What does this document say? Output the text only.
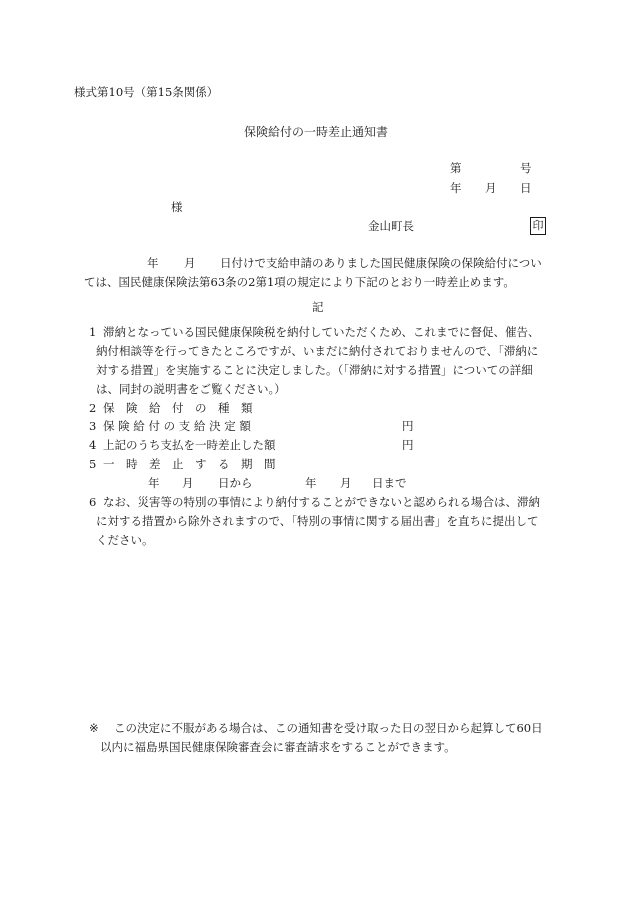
様式第10号（第15条関係）
保険給付の一時差止通知書
第	号
年 月 日
様
金山町長	印
年 月 日付けで支給申請のありました国民健康保険の保険給付につい
ては、国民健康保険法第63条の2第1項の規定により下記のとおり一時差止めます。
記
1 滞納となっている国民健康保険税を納付していただくため、これまでに督促、催告、
納付相談等を行ってきたところですが、いまだに納付されておりませんので、「滞納に
対する措置」を実施することに決定しました。（「滞納に対する措置」についての詳細
は、同封の説明書をご覧ください。）
2 保　険　給　付　の　種　類
3 保 険 給 付 の 支 給 決 定 額	円
4 上記のうち支払を一時差止した額	円
5 一　時　差　止　す　る　期　間
年 月 日から	年 月 日まで
6 なお、災害等の特別の事情により納付することができないと認められる場合は、滞納
に対する措置から除外されますので、「特別の事情に関する届出書」を直ちに提出して
ください。
※ この決定に不服がある場合は、この通知書を受け取った日の翌日から起算して60日
以内に福島県国民健康保険審査会に審査請求をすることができます。
